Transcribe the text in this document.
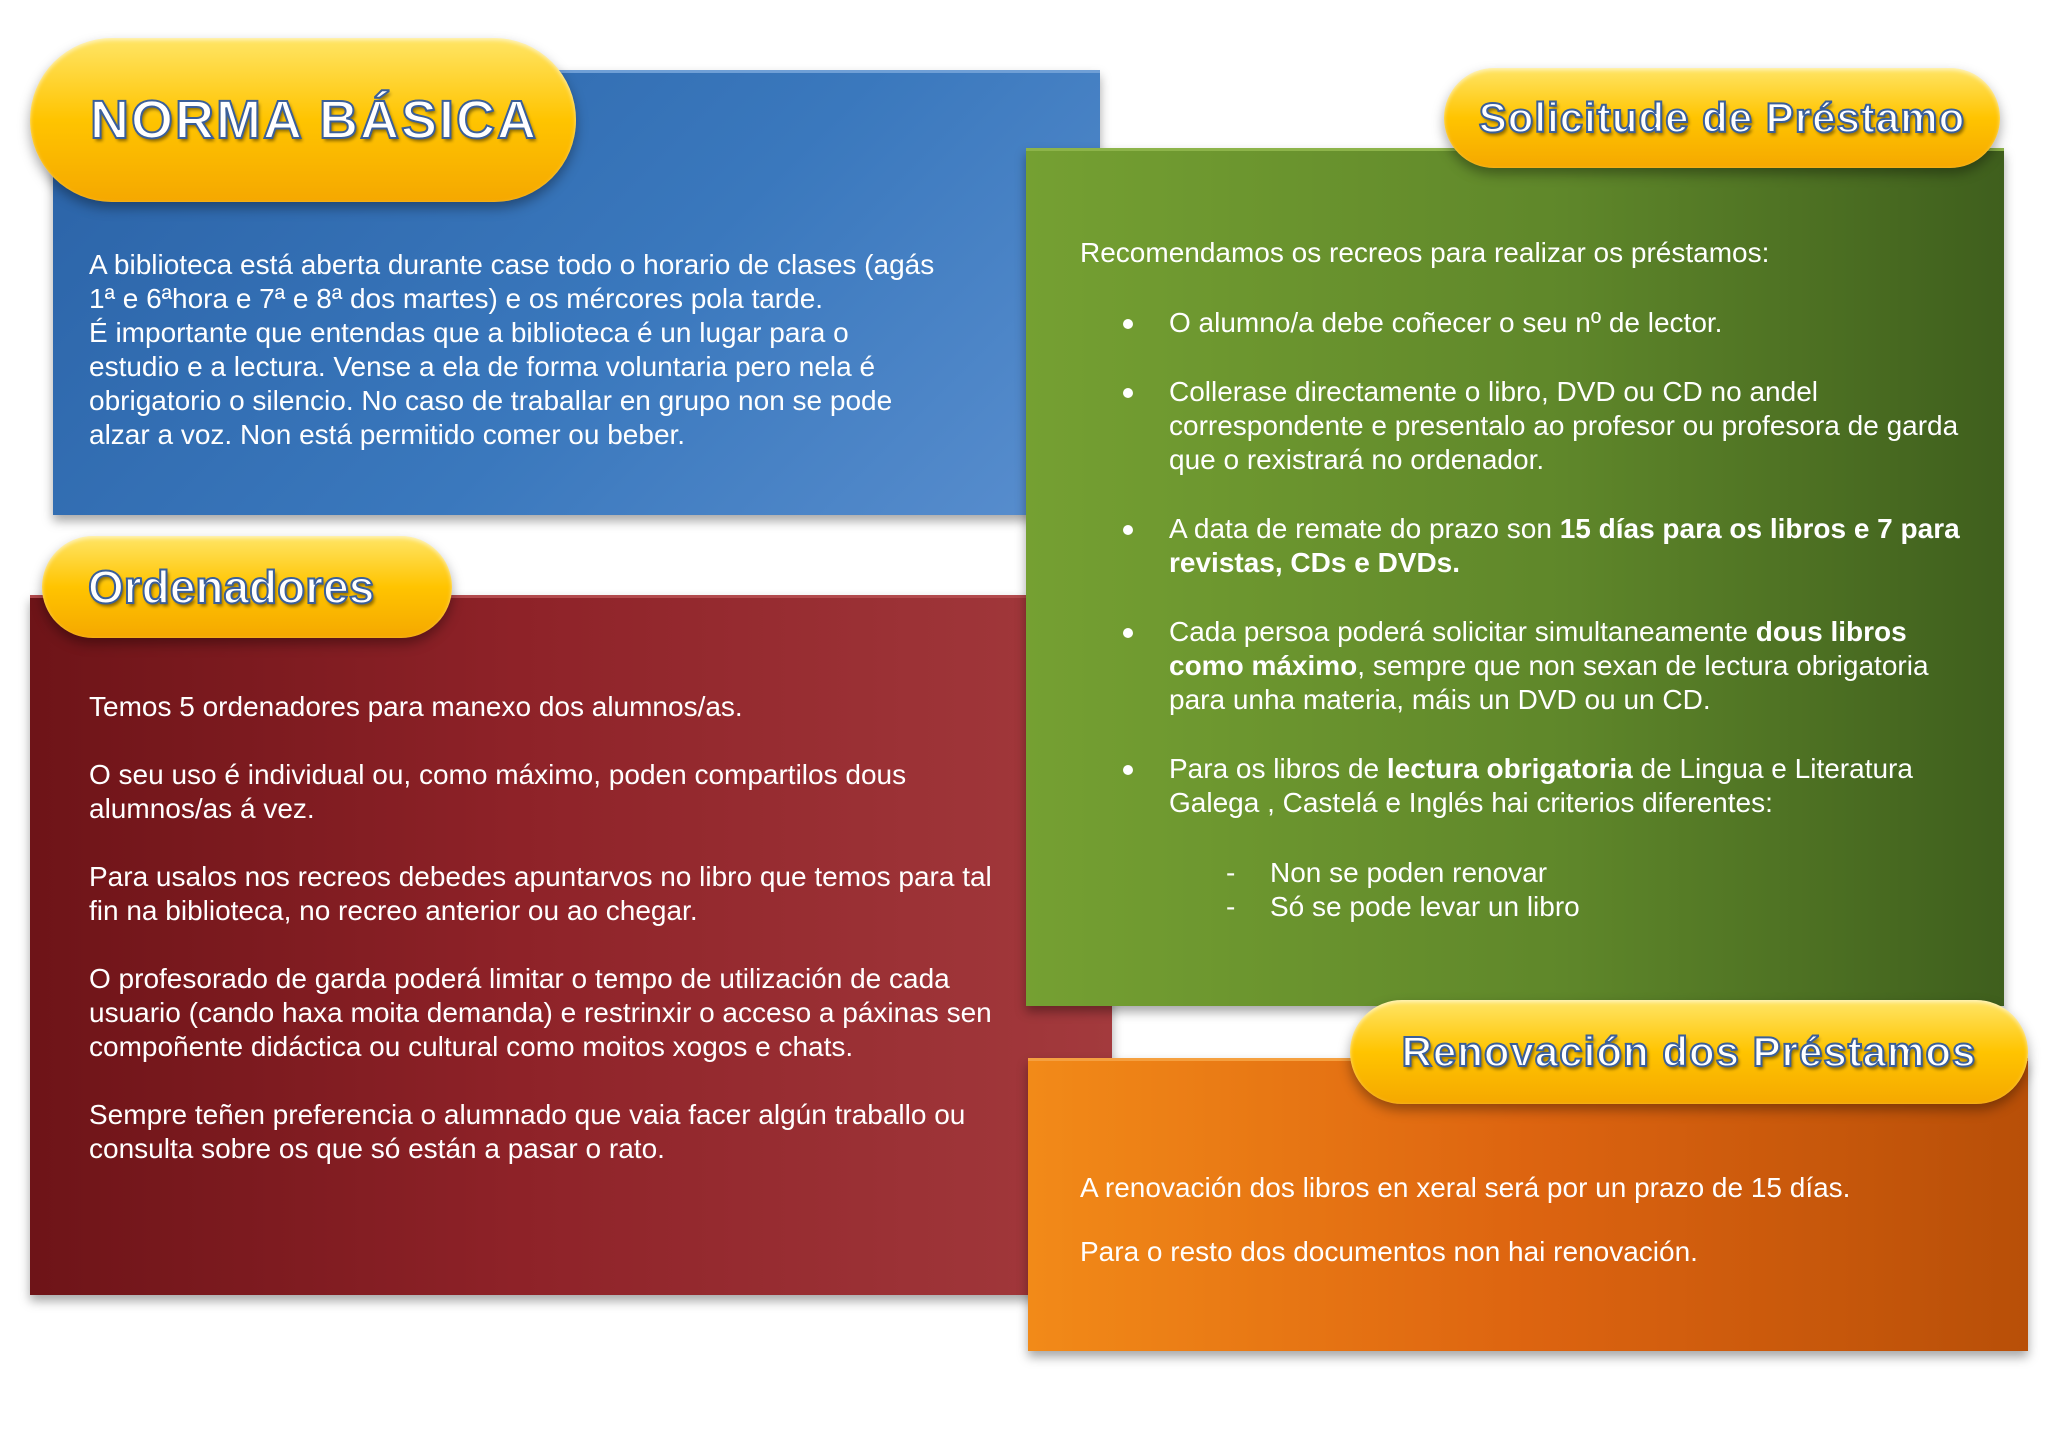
NORMA BÁSICA

A biblioteca está aberta durante case todo o horario de clases (agás

1ª e 6ªhora e 7ª e 8ª dos martes) e os mércores pola tarde.

É importante que entendas que a biblioteca é un lugar para o

estudio e a lectura. Vense a ela de forma voluntaria pero nela é

obrigatorio o silencio. No caso de traballar en grupo non se pode

alzar a voz. Non está permitido comer ou beber.

Ordenadores

Temos 5 ordenadores para manexo dos alumnos/as.

O seu uso é individual ou, como máximo, poden compartilos dous alumnos/as á vez.

Para usalos nos recreos debedes apuntarvos no libro que temos para tal fin na biblioteca, no recreo anterior ou ao chegar.

O profesorado de garda poderá limitar o tempo de utilización de cada usuario (cando haxa moita demanda) e restrinxir o acceso a páxinas sen compoñente didáctica ou cultural como moitos xogos e chats.

Sempre teñen preferencia o alumnado que vaia facer algún traballo ou consulta sobre os que só están a pasar o rato.

Solicitude de Préstamo

Recomendamos os recreos para realizar os préstamos:

O alumno/a debe coñecer o seu nº de lector.
Collerase directamente o libro, DVD ou CD no andel correspondente e presentalo ao profesor ou profesora de garda que o rexistrará no ordenador.
A data de remate do prazo son 15 días para os libros e 7 para revistas, CDs e DVDs.
Cada persoa poderá solicitar simultaneamente dous libros como máximo, sempre que non sexan de lectura obrigatoria para unha materia, máis un DVD ou un CD.
Para os libros de lectura obrigatoria de Lingua e Literatura Galega , Castelá e Inglés hai criterios diferentes:
- Non se poden renovar
- Só se pode levar un libro
Renovación dos Préstamos

A renovación dos libros en xeral será por un prazo de 15 días.

Para o resto dos documentos non hai renovación.
